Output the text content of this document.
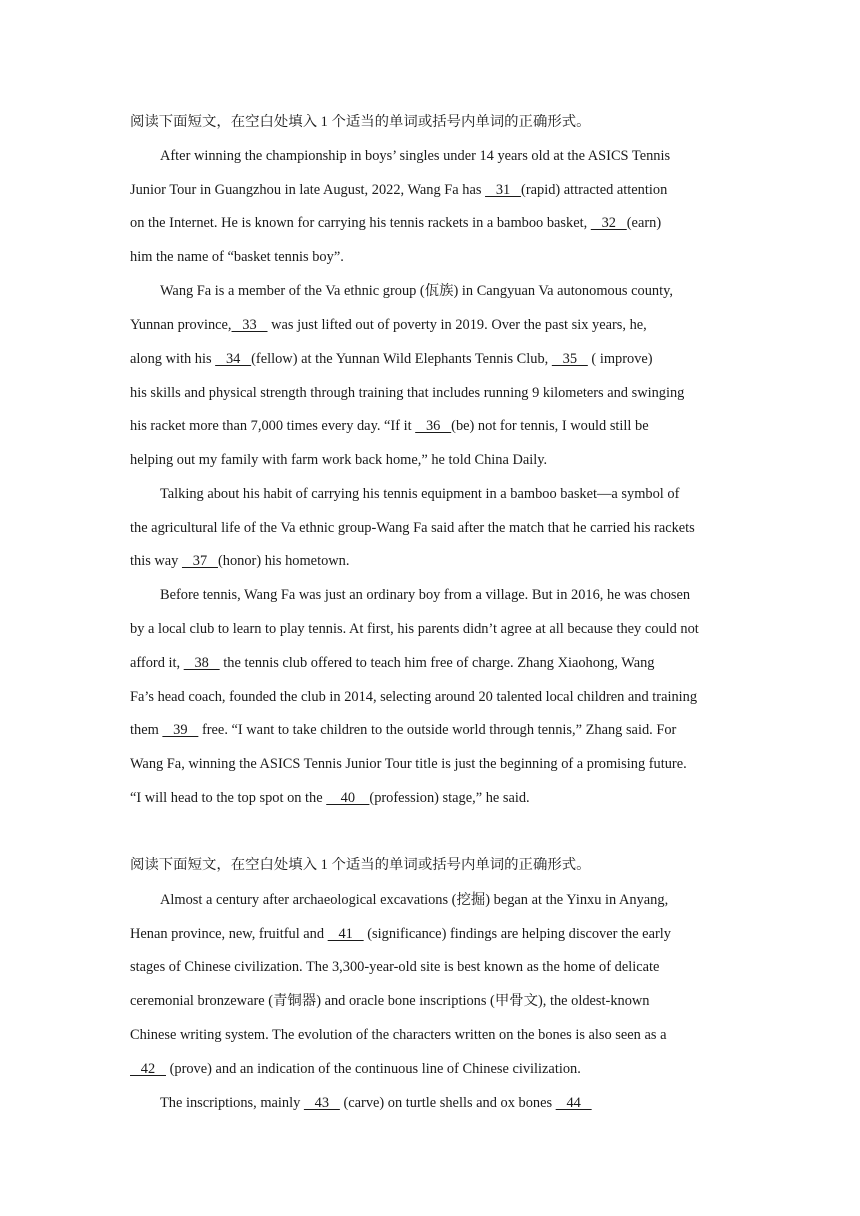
阅读下面短文，在空白处填入 1 个适当的单词或括号内单词的正确形式。
After winning the championship in boys’ singles under 14 years old at the ASICS Tennis
Junior Tour in Guangzhou in late August, 2022, Wang Fa has    31   (rapid) attracted attention
on the Internet. He is known for carrying his tennis rackets in a bamboo basket,    32   (earn)
him the name of “basket tennis boy”.
Wang Fa is a member of the Va ethnic group (佤族) in Cangyuan Va autonomous county,
Yunnan province,   33    was just lifted out of poverty in 2019. Over the past six years, he,
along with his    34   (fellow) at the Yunnan Wild Elephants Tennis Club,    35    ( improve)
his skills and physical strength through training that includes running 9 kilometers and swinging
his racket more than 7,000 times every day. “If it    36   (be) not for tennis, I would still be
helping out my family with farm work back home,” he told China Daily.
Talking about his habit of carrying his tennis equipment in a bamboo basket—a symbol of
the agricultural life of the Va ethnic group-Wang Fa said after the match that he carried his rackets
this way    37   (honor) his hometown.
Before tennis, Wang Fa was just an ordinary boy from a village. But in 2016, he was chosen
by a local club to learn to play tennis. At first, his parents didn’t agree at all because they could not
afford it,    38    the tennis club offered to teach him free of charge. Zhang Xiaohong, Wang
Fa’s head coach, founded the club in 2014, selecting around 20 talented local children and training
them    39    free. “I want to take children to the outside world through tennis,” Zhang said. For
Wang Fa, winning the ASICS Tennis Junior Tour title is just the beginning of a promising future.
“I will head to the top spot on the     40    (profession) stage,” he said.
阅读下面短文，在空白处填入 1 个适当的单词或括号内单词的正确形式。
Almost a century after archaeological excavations (挖掘) began at the Yinxu in Anyang,
Henan province, new, fruitful and    41    (significance) findings are helping discover the early
stages of Chinese civilization. The 3,300-year-old site is best known as the home of delicate
ceremonial bronzeware (青铜器) and oracle bone inscriptions (甲骨文), the oldest-known
Chinese writing system. The evolution of the characters written on the bones is also seen as a
42    (prove) and an indication of the continuous line of Chinese civilization.
The inscriptions, mainly    43    (carve) on turtle shells and ox bones    44
